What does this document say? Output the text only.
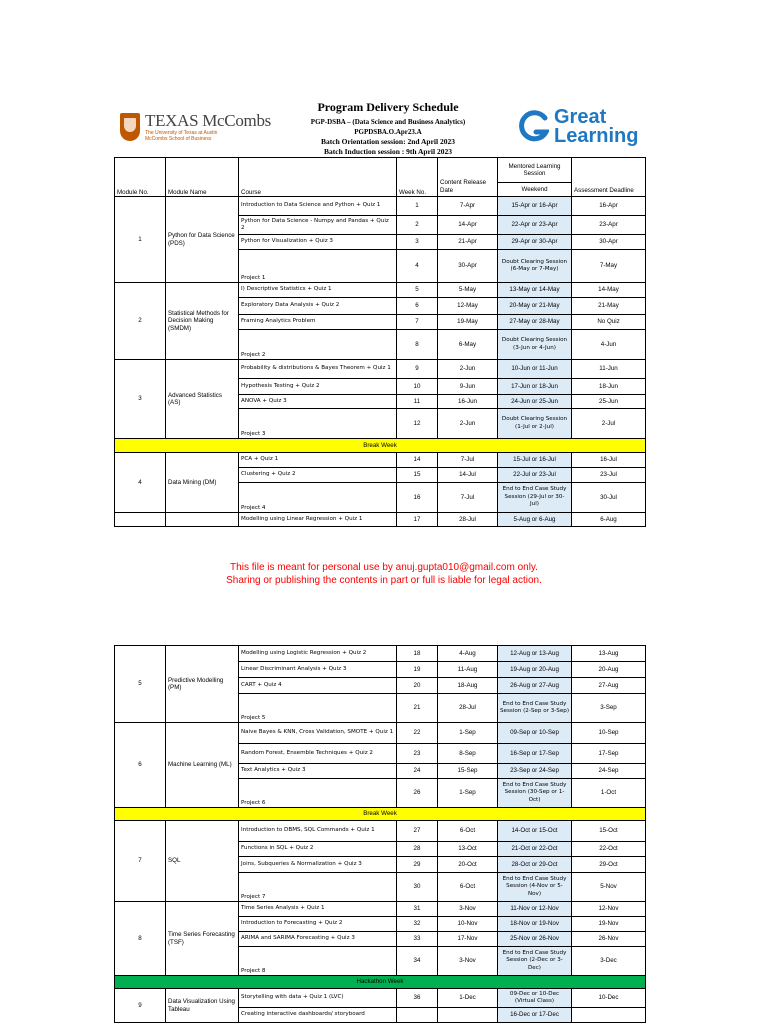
TEXAS McCombs
The University of Texas at Austin
McCombs School of Business
Program Delivery Schedule
PGP-DSBA – (Data Science and Business Analytics)
PGPDSBA.O.Apr23.A
Batch Orientation session: 2nd April 2023
Batch Induction session : 9th April 2023
Great
Learning
Module No.	Module Name	Course	Week No.	Content Release Date	Mentored Learning Session
Weekend	Assessment Deadline
1	Python for Data Science (PDS)	Introduction to Data Science and Python + Quiz 1	1	7-Apr	15-Apr or 16-Apr	16-Apr
		Python for Data Science - Numpy and Pandas + Quiz 2	2	14-Apr	22-Apr or 23-Apr	23-Apr
		Python for Visualization + Quiz 3	3	21-Apr	29-Apr or 30-Apr	30-Apr
		Project 1	4	30-Apr	Doubt Clearing Session (6-May or 7-May)	7-May
2	Statistical Methods for Decision Making (SMDM)	I) Descriptive Statistics + Quiz 1	5	5-May	13-May or 14-May	14-May
		Exploratory Data Analysis + Quiz 2	6	12-May	20-May or 21-May	21-May
		Framing Analytics Problem	7	19-May	27-May or 28-May	No Quiz
		Project 2	8	6-May	Doubt Clearing Session (3-Jun or 4-Jun)	4-Jun
3	Advanced Statistics (AS)	Probability & distributions & Bayes Theorem + Quiz 1	9	2-Jun	10-Jun or 11-Jun	11-Jun
		Hypothesis Testing + Quiz 2	10	9-Jun	17-Jun or 18-Jun	18-Jun
		ANOVA + Quiz 3	11	16-Jun	24-Jun or 25-Jun	25-Jun
		Project 3	12	2-Jun	Doubt Clearing Session (1-Jul or 2-Jul)	2-Jul
Break Week						
4	Data Mining (DM)	PCA + Quiz 1	14	7-Jul	15-Jul or 16-Jul	16-Jul
		Clustering + Quiz 2	15	14-Jul	22-Jul or 23-Jul	23-Jul
		Project 4	16	7-Jul	End to End Case Study Session (29-Jul or 30-Jul)	30-Jul
		Modelling using Linear Regression + Quiz 1	17	28-Jul	5-Aug or 6-Aug	6-Aug
This file is meant for personal use by anuj.gupta010@gmail.com only.
Sharing or publishing the contents in part or full is liable for legal action.
5	Predictive Modelling (PM)	Modelling using Logistic Regression + Quiz 2	18	4-Aug	12-Aug or 13-Aug	13-Aug
		Linear Discriminant Analysis + Quiz 3	19	11-Aug	19-Aug or 20-Aug	20-Aug
		CART + Quiz 4	20	18-Aug	26-Aug or 27-Aug	27-Aug
		Project 5	21	28-Jul	End to End Case Study Session (2-Sep or 3-Sep)	3-Sep
6	Machine Learning (ML)	Naive Bayes & KNN, Cross Validation, SMOTE + Quiz 1	22	1-Sep	09-Sep or 10-Sep	10-Sep
		Random Forest, Ensemble Techniques + Quiz 2	23	8-Sep	16-Sep or 17-Sep	17-Sep
		Text Analytics + Quiz 3	24	15-Sep	23-Sep or 24-Sep	24-Sep
		Project 6	26	1-Sep	End to End Case Study Session (30-Sep or 1-Oct)	1-Oct
Break Week						
7	SQL	Introduction to DBMS, SQL Commands + Quiz 1	27	6-Oct	14-Oct or 15-Oct	15-Oct
		Functions in SQL + Quiz 2	28	13-Oct	21-Oct or 22-Oct	22-Oct
		Joins, Subqueries & Normalization + Quiz 3	29	20-Oct	28-Oct or 29-Oct	29-Oct
		Project 7	30	6-Oct	End to End Case Study Session (4-Nov or 5-Nov)	5-Nov
8	Time Series Forecasting (TSF)	Time Series Analysis + Quiz 1	31	3-Nov	11-Nov or 12-Nov	12-Nov
		Introduction to Forecasting + Quiz 2	32	10-Nov	18-Nov or 19-Nov	19-Nov
		ARIMA and SARIMA Forecasting + Quiz 3	33	17-Nov	25-Nov or 26-Nov	26-Nov
		Project 8	34	3-Nov	End to End Case Study Session (2-Dec or 3-Dec)	3-Dec
Hackathon Week						
9	Data Visualization Using Tableau	Storytelling with data + Quiz 1 (LVC)	36	1-Dec	09-Dec or 10-Dec (Virtual Class)	10-Dec
		Creating interactive dashboards/ storyboard			16-Dec or 17-Dec	
